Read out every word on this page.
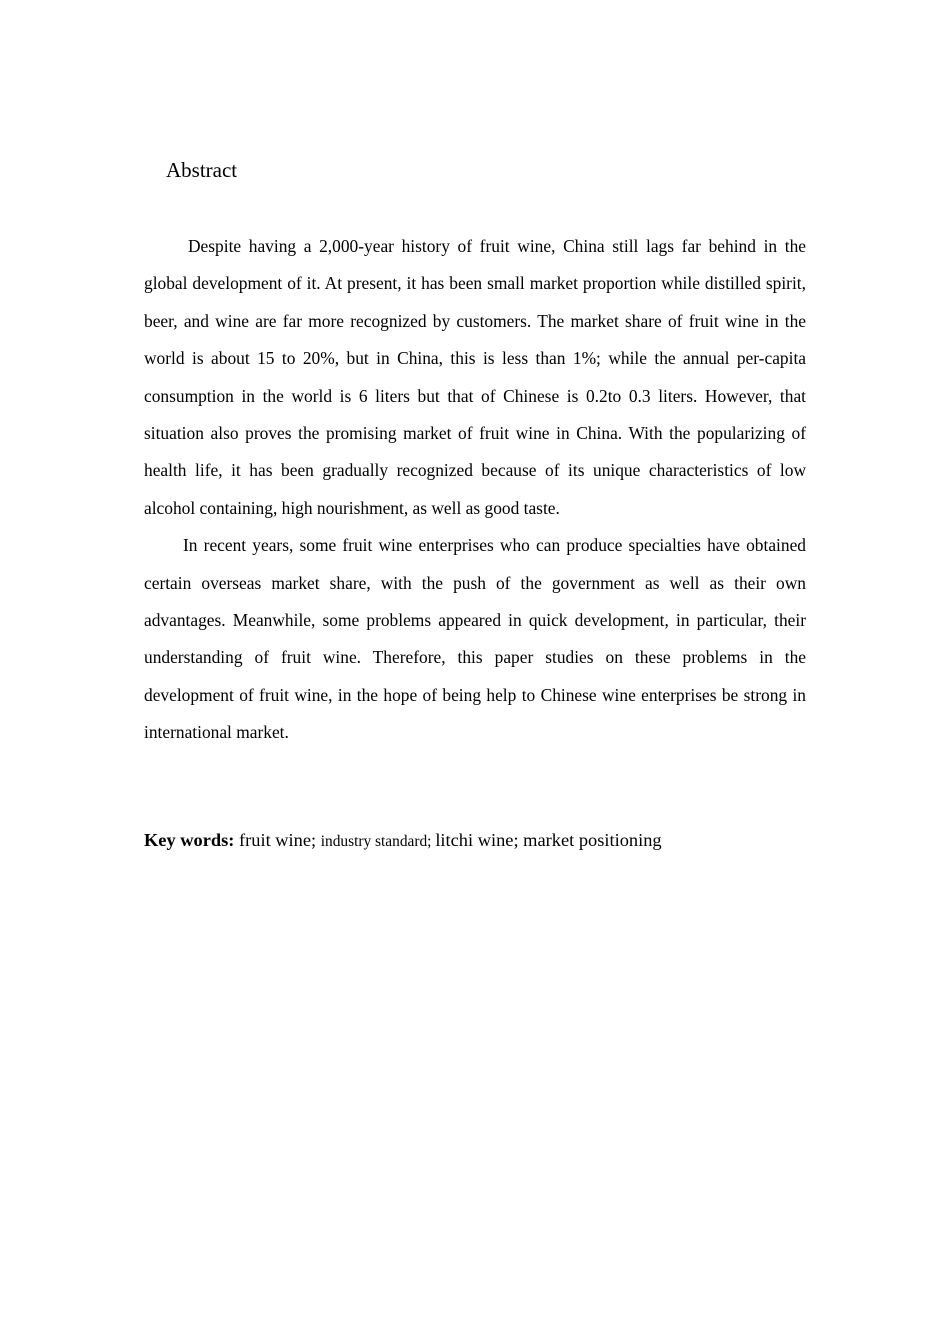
Abstract

Despite having a 2,000-year history of fruit wine, China still lags far behind in the global development of it. At present, it has been small market proportion while distilled spirit, beer, and wine are far more recognized by customers. The market share of fruit wine in the world is about 15 to 20%, but in China, this is less than 1%; while the annual per-capita consumption in the world is 6 liters but that of Chinese is 0.2to 0.3 liters. However, that situation also proves the promising market of fruit wine in China. With the popularizing of health life, it has been gradually recognized because of its unique characteristics of low alcohol containing, high nourishment, as well as good taste.

In recent years, some fruit wine enterprises who can produce specialties have obtained certain overseas market share, with the push of the government as well as their own advantages. Meanwhile, some problems appeared in quick development, in particular, their understanding of fruit wine. Therefore, this paper studies on these problems in the development of fruit wine, in the hope of being help to Chinese wine enterprises be strong in international market.

Key words: fruit wine; industry standard; litchi wine; market positioning
